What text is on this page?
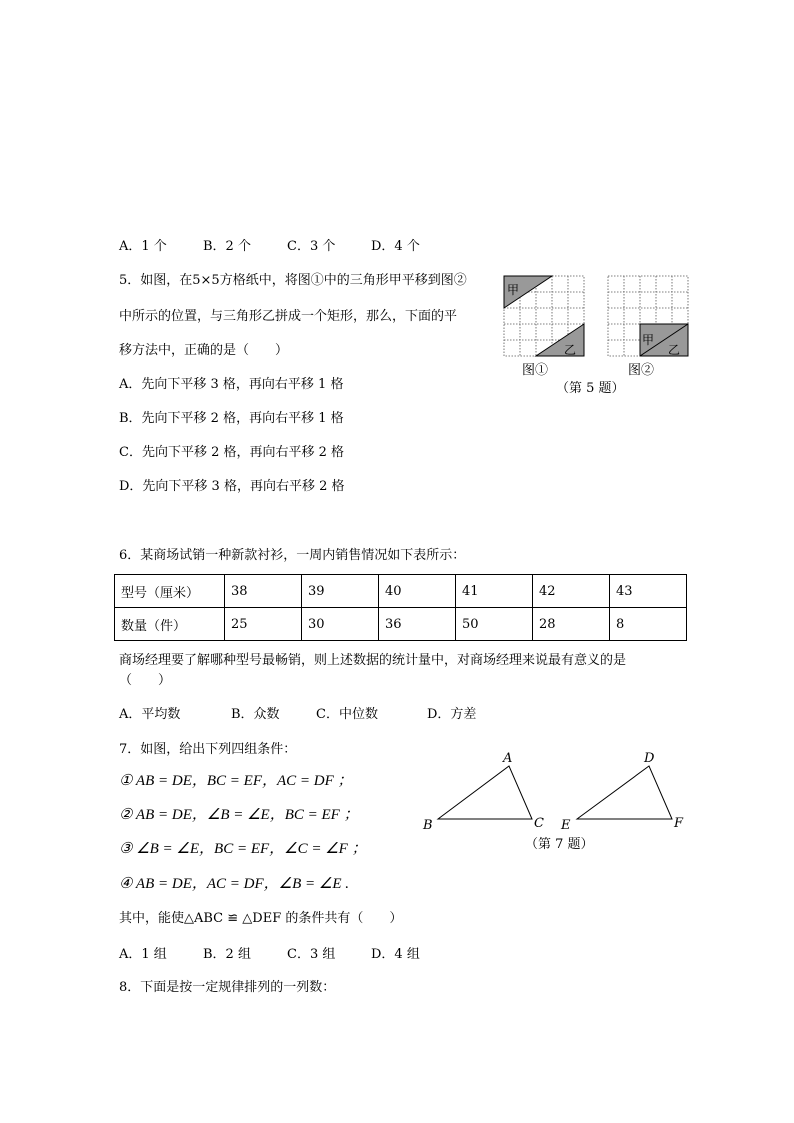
A．1 个	B．2 个	C．3 个	D．4 个
5．如图，在5×5方格纸中，将图①中的三角形甲平移到图②
中所示的位置，与三角形乙拼成一个矩形，那么，下面的平
移方法中，正确的是（　　）
A．先向下平移 3 格，再向右平移 1 格
B．先向下平移 2 格，再向右平移 1 格
C．先向下平移 2 格，再向右平移 2 格
D．先向下平移 3 格，再向右平移 2 格
甲
乙
甲
乙
图①	图②
（第 5 题）
6．某商场试销一种新款衬衫，一周内销售情况如下表所示：
型号（厘米）	38	39	40	41	42	43
数量（件）	25	30	36	50	28	8
商场经理要了解哪种型号最畅销，则上述数据的统计量中，对商场经理来说最有意义的是
（　　）
A．平均数	B．众数	C．中位数	D．方差
7．如图，给出下列四组条件：
① AB = DE，BC = EF，AC = DF ；
② AB = DE，∠B = ∠E，BC = EF ；
③ ∠B = ∠E，BC = EF，∠C = ∠F ；
④ AB = DE，AC = DF，∠B = ∠E .
其中，能使△ABC ≌ △DEF 的条件共有（　　）
A．1 组	B．2 组	C．3 组	D．4 组
A
B	C
D
E	F
（第 7 题）
8．下面是按一定规律排列的一列数：
